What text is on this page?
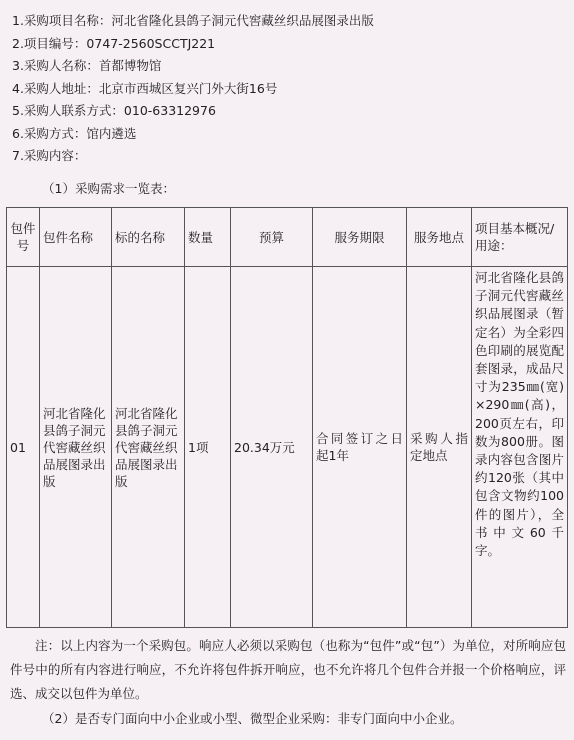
1.采购项目名称：河北省隆化县鸽子洞元代窖藏丝织品展图录出版
2.项目编号：0747-2560SCCTJ221
3.采购人名称：首都博物馆
4.采购人地址：北京市西城区复兴门外大街16号
5.采购人联系方式：010-63312976
6.采购方式：馆内遴选
7.采购内容：
（1）采购需求一览表：
包件号	包件名称	标的名称	数量	预算	服务期限	服务地点	项目基本概况/用途：
01	河北省隆化县鸽子洞元代窖藏丝织品展图录出版	河北省隆化县鸽子洞元代窖藏丝织品展图录出版	1项	20.34万元	合同签订之日起1年	采购人指定地点	河北省隆化县鸽子洞元代窖藏丝织品展图录（暂定名）为全彩四色印刷的展览配套图录，成品尺寸为235㎜(宽)×290㎜(高)，200页左右，印数为800册。图录内容包含图片约120张（其中包含文物约100件的图片），全书中文60千字。
注：以上内容为一个采购包。响应人必须以采购包（也称为“包件”或“包”）为单位，对所响应包件号中的所有内容进行响应，不允许将包件拆开响应，也不允许将几个包件合并报一个价格响应，评选、成交以包件为单位。
（2）是否专门面向中小企业或小型、微型企业采购：非专门面向中小企业。
